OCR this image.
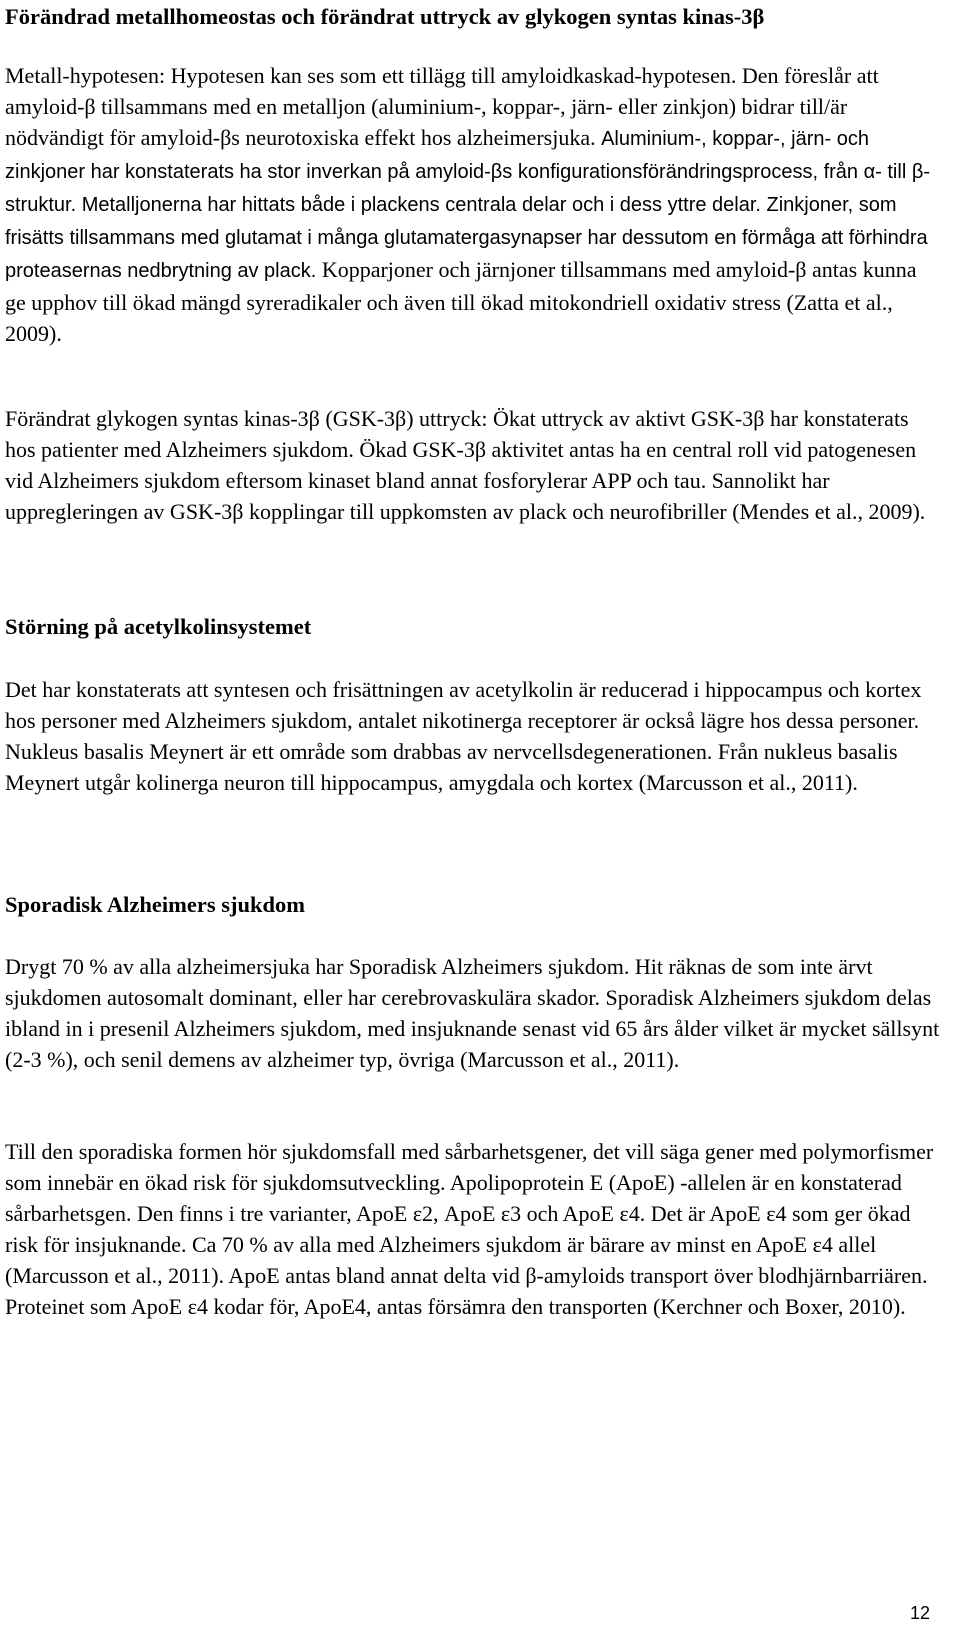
Förändrad metallhomeostas och förändrat uttryck av glykogen syntas kinas-3β

Metall-hypotesen: Hypotesen kan ses som ett tillägg till amyloidkaskad-hypotesen. Den föreslår att amyloid-β tillsammans med en metalljon (aluminium-, koppar-, järn- eller zinkjon) bidrar till/är nödvändigt för amyloid-βs neurotoxiska effekt hos alzheimersjuka. Aluminium-, koppar-, järn- och zinkjoner har konstaterats ha stor inverkan på amyloid-βs konfigurationsförändringsprocess, från α- till β-struktur. Metalljonerna har hittats både i plackens centrala delar och i dess yttre delar. Zinkjoner, som frisätts tillsammans med glutamat i många glutamatergasynapser har dessutom en förmåga att förhindra proteasernas nedbrytning av plack. Kopparjoner och järnjoner tillsammans med amyloid-β antas kunna ge upphov till ökad mängd syreradikaler och även till ökad mitokondriell oxidativ stress (Zatta et al., 2009).

Förändrat glykogen syntas kinas-3β (GSK-3β) uttryck: Ökat uttryck av aktivt GSK-3β har konstaterats hos patienter med Alzheimers sjukdom. Ökad GSK-3β aktivitet antas ha en central roll vid patogenesen vid Alzheimers sjukdom eftersom kinaset bland annat fosforylerar APP och tau. Sannolikt har uppregleringen av GSK-3β kopplingar till uppkomsten av plack och neurofibriller (Mendes et al., 2009).

Störning på acetylkolinsystemet

Det har konstaterats att syntesen och frisättningen av acetylkolin är reducerad i hippocampus och kortex hos personer med Alzheimers sjukdom, antalet nikotinerga receptorer är också lägre hos dessa personer. Nukleus basalis Meynert är ett område som drabbas av nervcellsdegenerationen. Från nukleus basalis Meynert utgår kolinerga neuron till hippocampus, amygdala och kortex (Marcusson et al., 2011).

Sporadisk Alzheimers sjukdom

Drygt 70 % av alla alzheimersjuka har Sporadisk Alzheimers sjukdom. Hit räknas de som inte ärvt sjukdomen autosomalt dominant, eller har cerebrovaskulära skador. Sporadisk Alzheimers sjukdom delas ibland in i presenil Alzheimers sjukdom, med insjuknande senast vid 65 års ålder vilket är mycket sällsynt (2-3 %), och senil demens av alzheimer typ, övriga (Marcusson et al., 2011).

Till den sporadiska formen hör sjukdomsfall med sårbarhetsgener, det vill säga gener med polymorfismer som innebär en ökad risk för sjukdomsutveckling. Apolipoprotein E (ApoE) -allelen är en konstaterad sårbarhetsgen. Den finns i tre varianter, ApoE ε2, ApoE ε3 och ApoE ε4. Det är ApoE ε4 som ger ökad risk för insjuknande. Ca 70 % av alla med Alzheimers sjukdom är bärare av minst en ApoE ε4 allel (Marcusson et al., 2011). ApoE antas bland annat delta vid β-amyloids transport över blodhjärnbarriären. Proteinet som ApoE ε4 kodar för, ApoE4, antas försämra den transporten (Kerchner och Boxer, 2010).

12
